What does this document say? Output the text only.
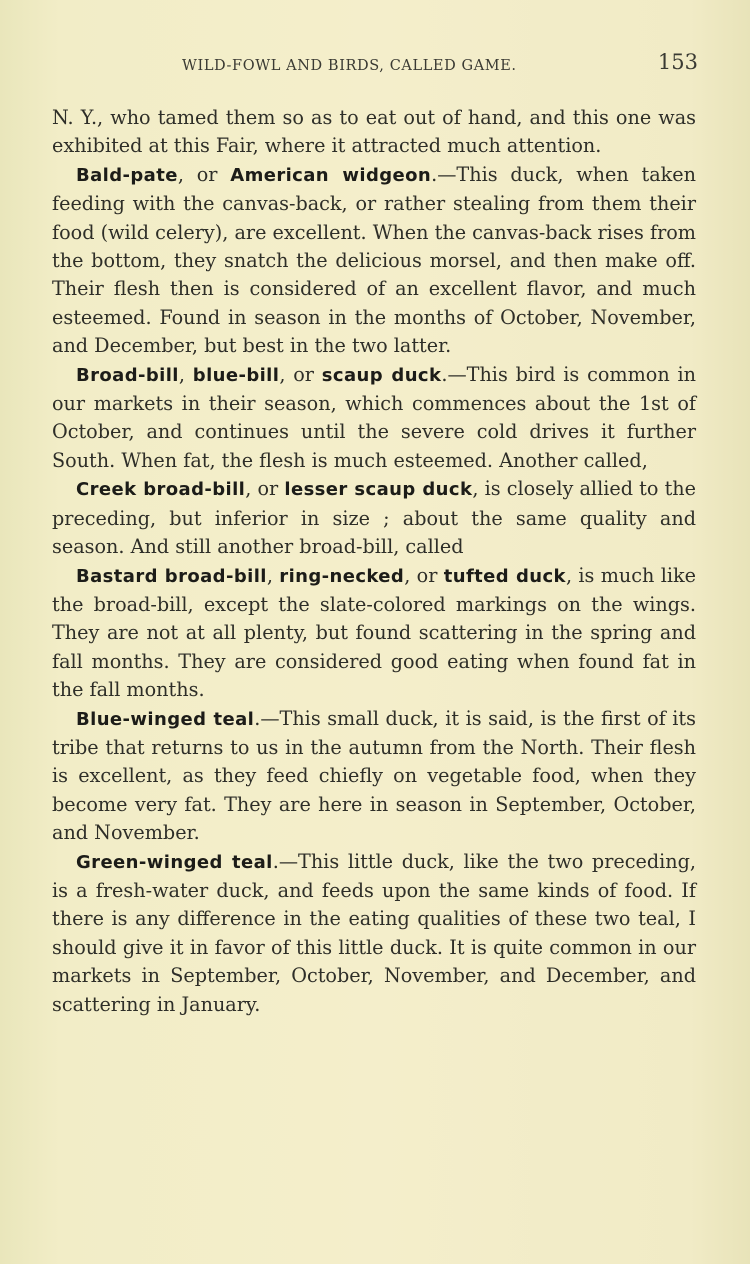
WILD-FOWL AND BIRDS, CALLED GAME.	153

N. Y., who tamed them so as to eat out of hand, and this one was exhibited at this Fair, where it attracted much attention.

Bald-pate, or American widgeon.—This duck, when taken feeding with the canvas-back, or rather stealing from them their food (wild celery), are excellent. When the canvas-back rises from the bottom, they snatch the delicious morsel, and then make off. Their flesh then is considered of an excellent flavor, and much esteemed. Found in season in the months of October, November, and December, but best in the two latter.

Broad-bill, blue-bill, or scaup duck.—This bird is common in our markets in their season, which commences about the 1st of October, and continues until the severe cold drives it further South. When fat, the flesh is much esteemed. Another called,

Creek broad-bill, or lesser scaup duck, is closely allied to the preceding, but inferior in size ; about the same quality and season. And still another broad-bill, called

Bastard broad-bill, ring-necked, or tufted duck, is much like the broad-bill, except the slate-colored markings on the wings. They are not at all plenty, but found scattering in the spring and fall months. They are considered good eating when found fat in the fall months.

Blue-winged teal.—This small duck, it is said, is the first of its tribe that returns to us in the autumn from the North. Their flesh is excellent, as they feed chiefly on vegetable food, when they become very fat. They are here in season in September, October, and November.

Green-winged teal.—This little duck, like the two preceding, is a fresh-water duck, and feeds upon the same kinds of food. If there is any difference in the eating qualities of these two teal, I should give it in favor of this little duck. It is quite common in our markets in September, October, November, and December, and scattering in January.
